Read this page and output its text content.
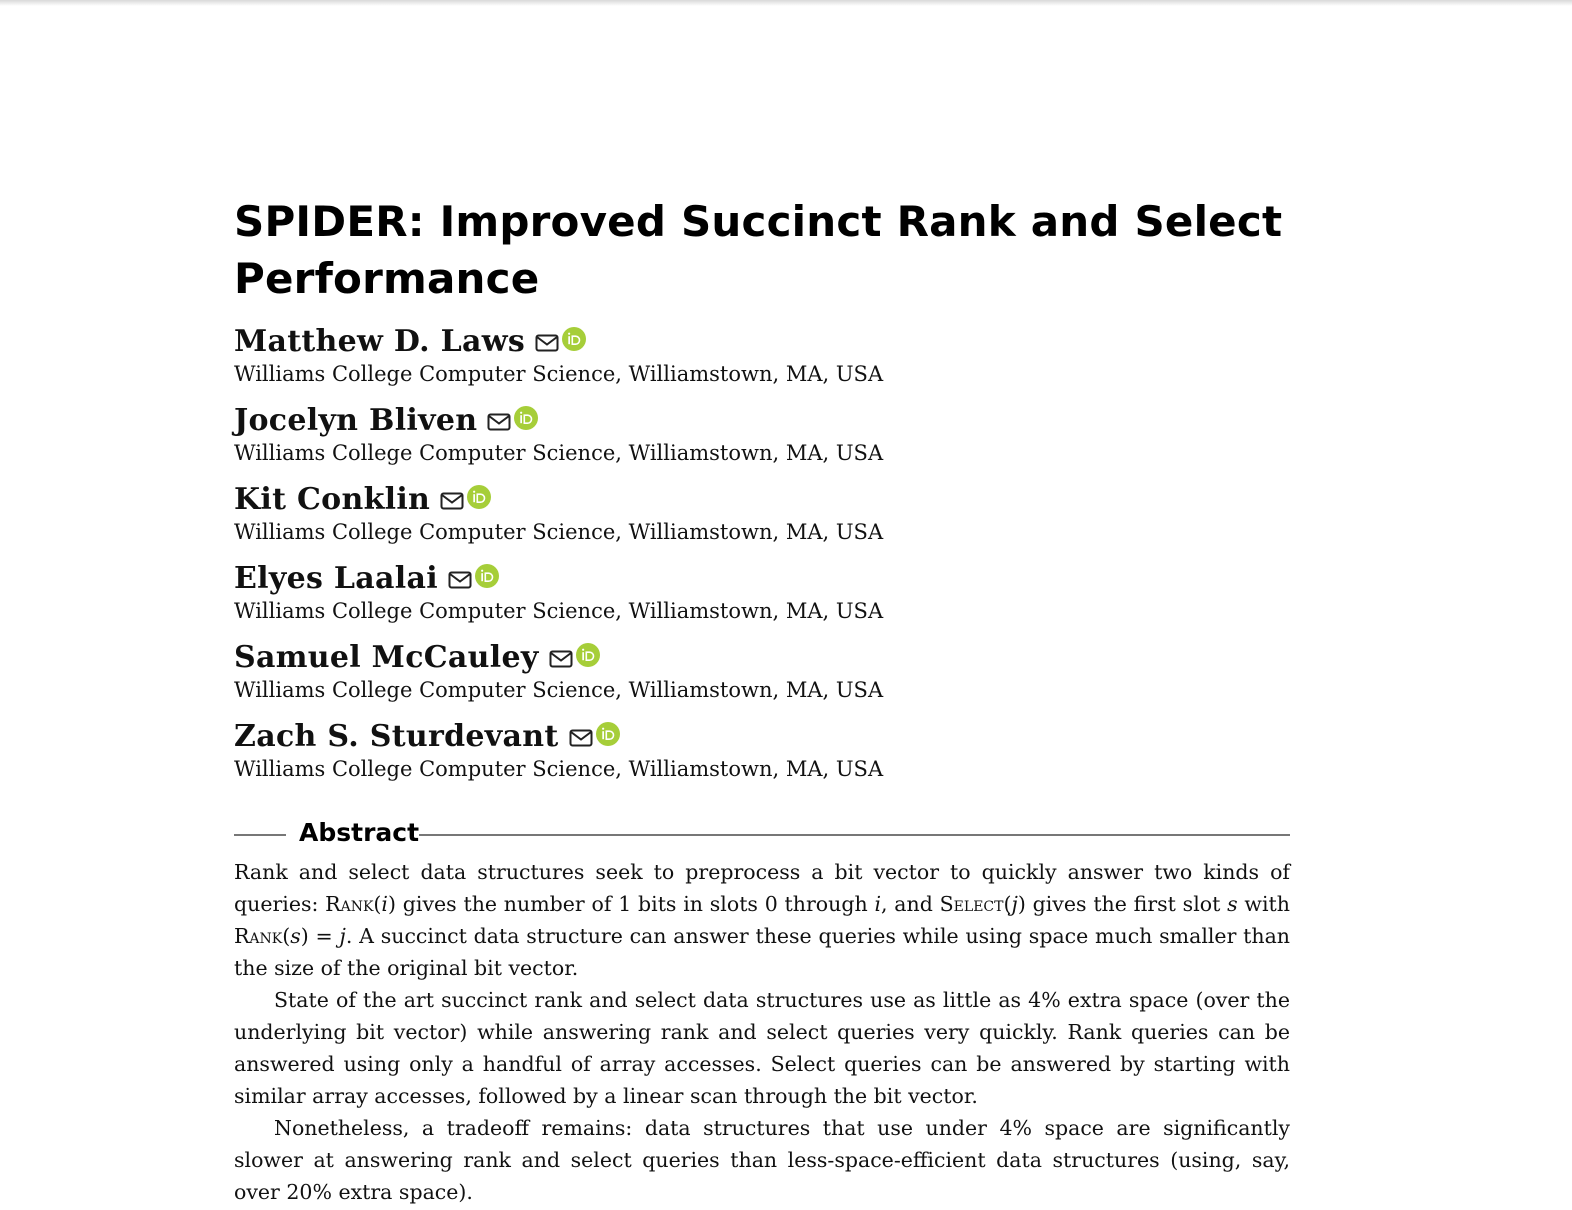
SPIDER: Improved Succinct Rank and Select
Performance
Matthew D. Laws
Williams College Computer Science, Williamstown, MA, USA
Jocelyn Bliven
Williams College Computer Science, Williamstown, MA, USA
Kit Conklin
Williams College Computer Science, Williamstown, MA, USA
Elyes Laalai
Williams College Computer Science, Williamstown, MA, USA
Samuel McCauley
Williams College Computer Science, Williamstown, MA, USA
Zach S. Sturdevant
Williams College Computer Science, Williamstown, MA, USA
Abstract

Rank and select data structures seek to preprocess a bit vector to quickly answer two kinds of queries: Rank(i) gives the number of 1 bits in slots 0 through i, and Select(j) gives the first slot s with Rank(s) = j. A succinct data structure can answer these queries while using space much smaller than the size of the original bit vector.

State of the art succinct rank and select data structures use as little as 4% extra space (over the underlying bit vector) while answering rank and select queries very quickly. Rank queries can be answered using only a handful of array accesses. Select queries can be answered by starting with similar array accesses, followed by a linear scan through the bit vector.

Nonetheless, a tradeoff remains: data structures that use under 4% space are significantly slower at answering rank and select queries than less-space-efficient data structures (using, say, over 20% extra space).
